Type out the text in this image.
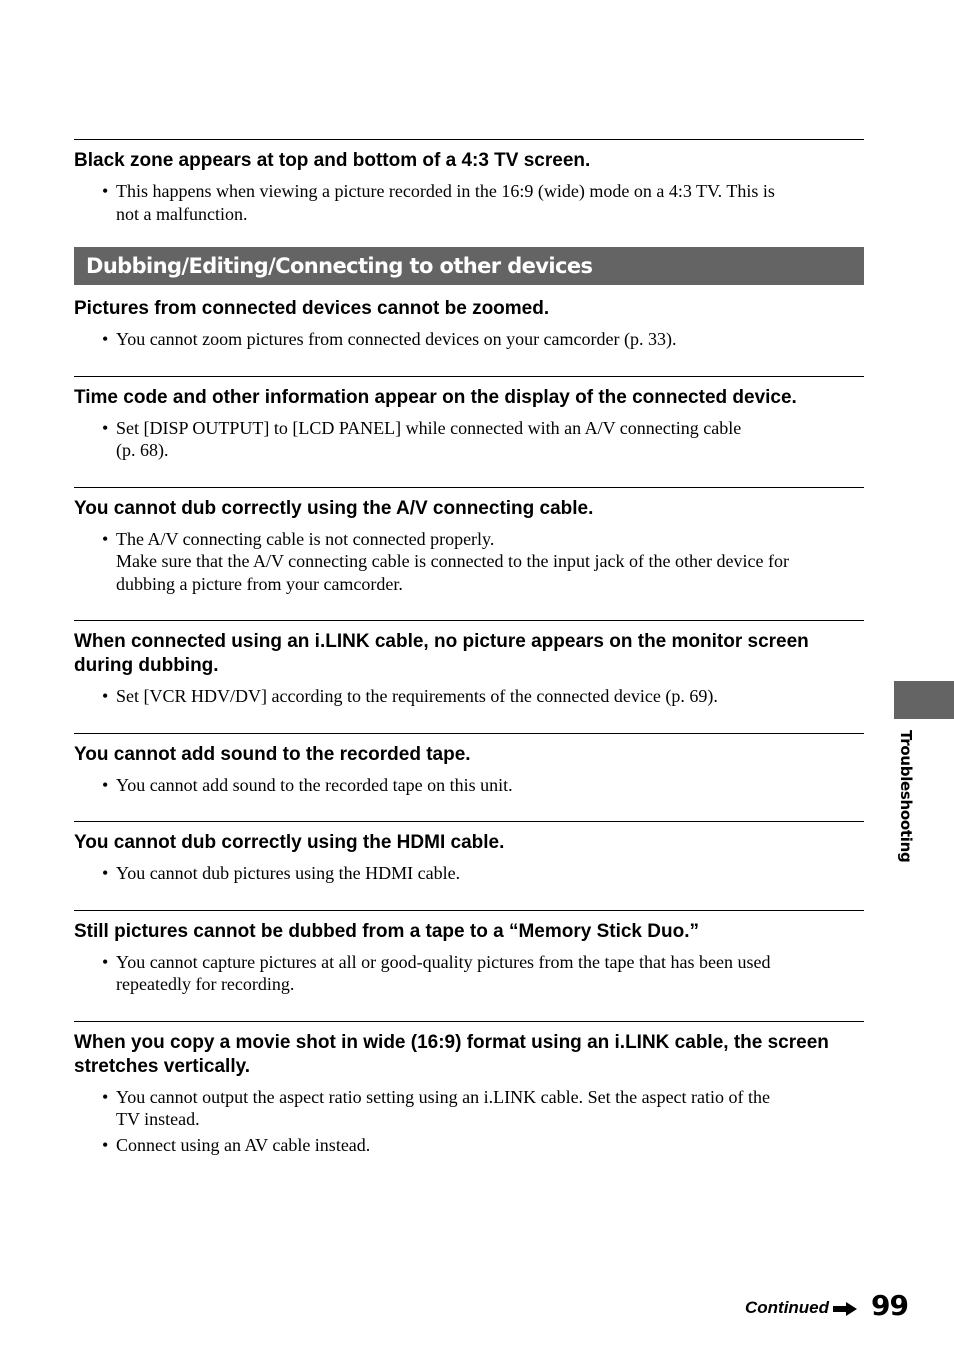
Black zone appears at top and bottom of a 4:3 TV screen.

• This happens when viewing a picture recorded in the 16:9 (wide) mode on a 4:3 TV. This is
not a malfunction.
Dubbing/Editing/Connecting to other devices

Pictures from connected devices cannot be zoomed.

• You cannot zoom pictures from connected devices on your camcorder (p. 33).

Time code and other information appear on the display of the connected device.

• Set [DISP OUTPUT] to [LCD PANEL] while connected with an A/V connecting cable
(p. 68).

You cannot dub correctly using the A/V connecting cable.

• The A/V connecting cable is not connected properly.
Make sure that the A/V connecting cable is connected to the input jack of the other device for
dubbing a picture from your camcorder.

When connected using an i.LINK cable, no picture appears on the monitor screen during dubbing.

• Set [VCR HDV/DV] according to the requirements of the connected device (p. 69).

You cannot add sound to the recorded tape.

• You cannot add sound to the recorded tape on this unit.

You cannot dub correctly using the HDMI cable.

• You cannot dub pictures using the HDMI cable.

Still pictures cannot be dubbed from a tape to a “Memory Stick Duo.”

• You cannot capture pictures at all or good-quality pictures from the tape that has been used
repeatedly for recording.

When you copy a movie shot in wide (16:9) format using an i.LINK cable, the screen stretches vertically.

• You cannot output the aspect ratio setting using an i.LINK cable. Set the aspect ratio of the
TV instead.
• Connect using an AV cable instead.
Troubleshooting
Continued 99
